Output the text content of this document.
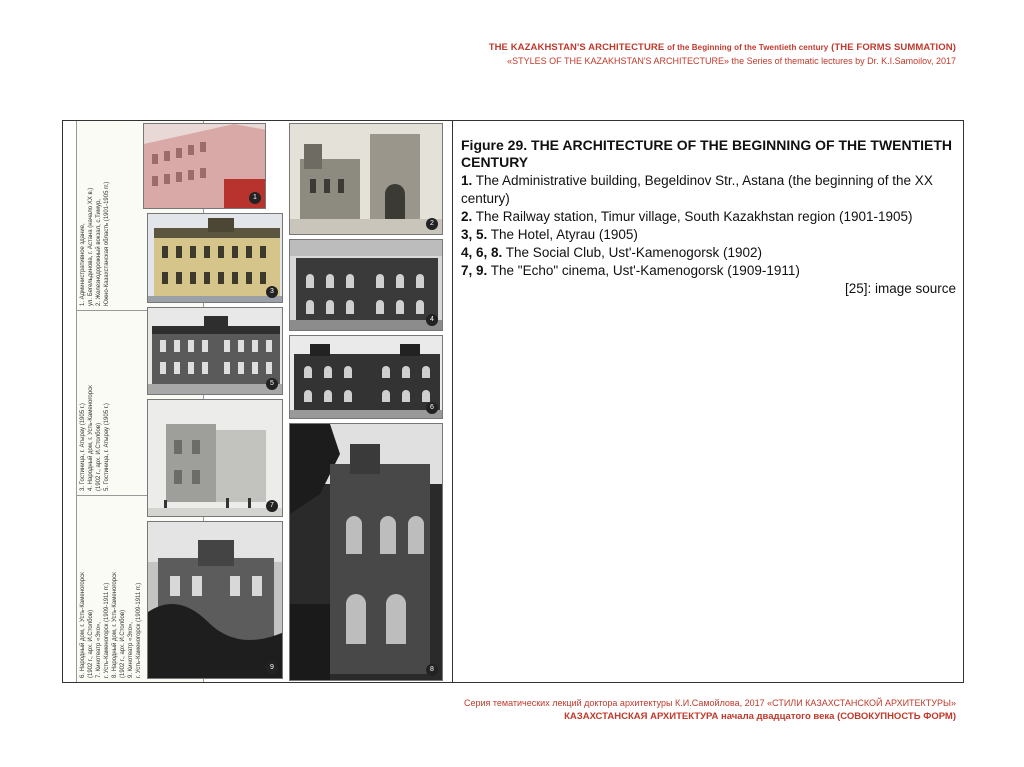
THE KAZAKHSTAN'S ARCHITECTURE of the Beginning of the Twentieth century (THE FORMS SUMMATION)
«STYLES OF THE KAZAKHSTAN'S ARCHITECTURE» the Series of thematic lectures by Dr. K.I.Samoilov, 2017
1. Административное здание,
ул. Бегельдинова, г. Астана (начало XX в.)
2. Железнодорожный вокзал, с.Тимур,
Южно-Казахстанская область (1901-1905 гг.)
3. Гостиница, г. Атырау (1905 г.)
4. Народный дом, г. Усть-Каменогорск
(1902 г., арх. И.Столбов)
5. Гостиница, г. Атырау (1905 г.)
6. Народный дом, г. Усть-Каменогорск
(1902 г., арх. И.Столбов)
7. Кинотеатр «Эхо»,
г. Усть-Каменогорск (1909-1911 гг.)
8. Народный дом, г. Усть-Каменогорск
(1902 г., арх. И.Столбов)
9. Кинотеатр «Эхо»,
г. Усть-Каменогорск (1909-1911 гг.)
1
2
3
4
5
6
7
8
9
Figure 29. THE ARCHITECTURE OF THE BEGINNING OF THE TWENTIETH CENTURY
1. The Administrative building, Begeldinov Str., Astana (the beginning of the XX century)
2. The Railway station, Timur village, South Kazakhstan region (1901-1905)
3, 5. The Hotel, Atyrau (1905)
4, 6, 8. The Social Club, Ust'-Kamenogorsk (1902)
7, 9. The "Echo" cinema, Ust'-Kamenogorsk (1909-1911)
[25]: image source
Серия тематических лекций доктора архитектуры К.И.Самойлова, 2017 «СТИЛИ КАЗАХСТАНСКОЙ АРХИТЕКТУРЫ»
КАЗАХСТАНСКАЯ АРХИТЕКТУРА начала двадцатого века (СОВОКУПНОСТЬ ФОРМ)
